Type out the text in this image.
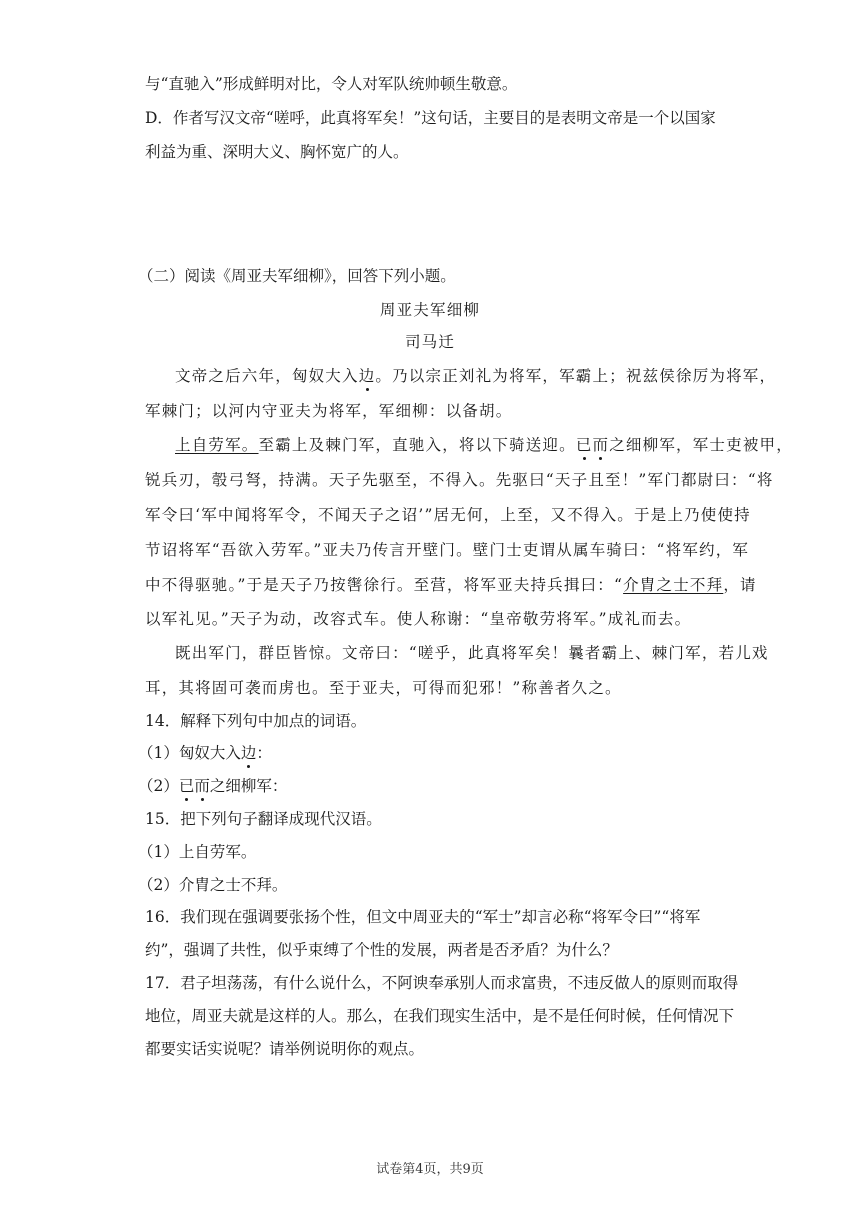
与“直驰入”形成鲜明对比，令人对军队统帅顿生敬意。
D．作者写汉文帝“嗟呼，此真将军矣！”这句话，主要目的是表明文帝是一个以国家
利益为重、深明大义、胸怀宽广的人。
（二）阅读《周亚夫军细柳》，回答下列小题。
周亚夫军细柳
司马迁
文帝之后六年，匈奴大入边。乃以宗正刘礼为将军，军霸上；祝兹侯徐厉为将军，
军棘门；以河内守亚夫为将军，军细柳：以备胡。
上自劳军。至霸上及棘门军，直驰入，将以下骑送迎。已而之细柳军，军士吏被甲，
锐兵刃，彀弓弩，持满。天子先驱至，不得入。先驱曰“天子且至！”军门都尉曰：“将
军令曰‘军中闻将军令，不闻天子之诏’”居无何，上至，又不得入。于是上乃使使持
节诏将军“吾欲入劳军。”亚夫乃传言开壁门。壁门士吏谓从属车骑曰：“将军约，军
中不得驱驰。”于是天子乃按辔徐行。至营，将军亚夫持兵揖曰：“介胄之士不拜，请
以军礼见。”天子为动，改容式车。使人称谢：“皇帝敬劳将军。”成礼而去。
既出军门，群臣皆惊。文帝曰：“嗟乎，此真将军矣！曩者霸上、棘门军，若儿戏
耳，其将固可袭而虏也。至于亚夫，可得而犯邪！”称善者久之。
14．解释下列句中加点的词语。
（1）匈奴大入边：
（2）已而之细柳军：
15．把下列句子翻译成现代汉语。
（1）上自劳军。
（2）介胄之士不拜。
16．我们现在强调要张扬个性，但文中周亚夫的“军士”却言必称“将军令曰”“将军
约”，强调了共性，似乎束缚了个性的发展，两者是否矛盾？为什么？
17．君子坦荡荡，有什么说什么，不阿谀奉承别人而求富贵，不违反做人的原则而取得
地位，周亚夫就是这样的人。那么，在我们现实生活中，是不是任何时候，任何情况下
都要实话实说呢？请举例说明你的观点。
试卷第4页，共9页
